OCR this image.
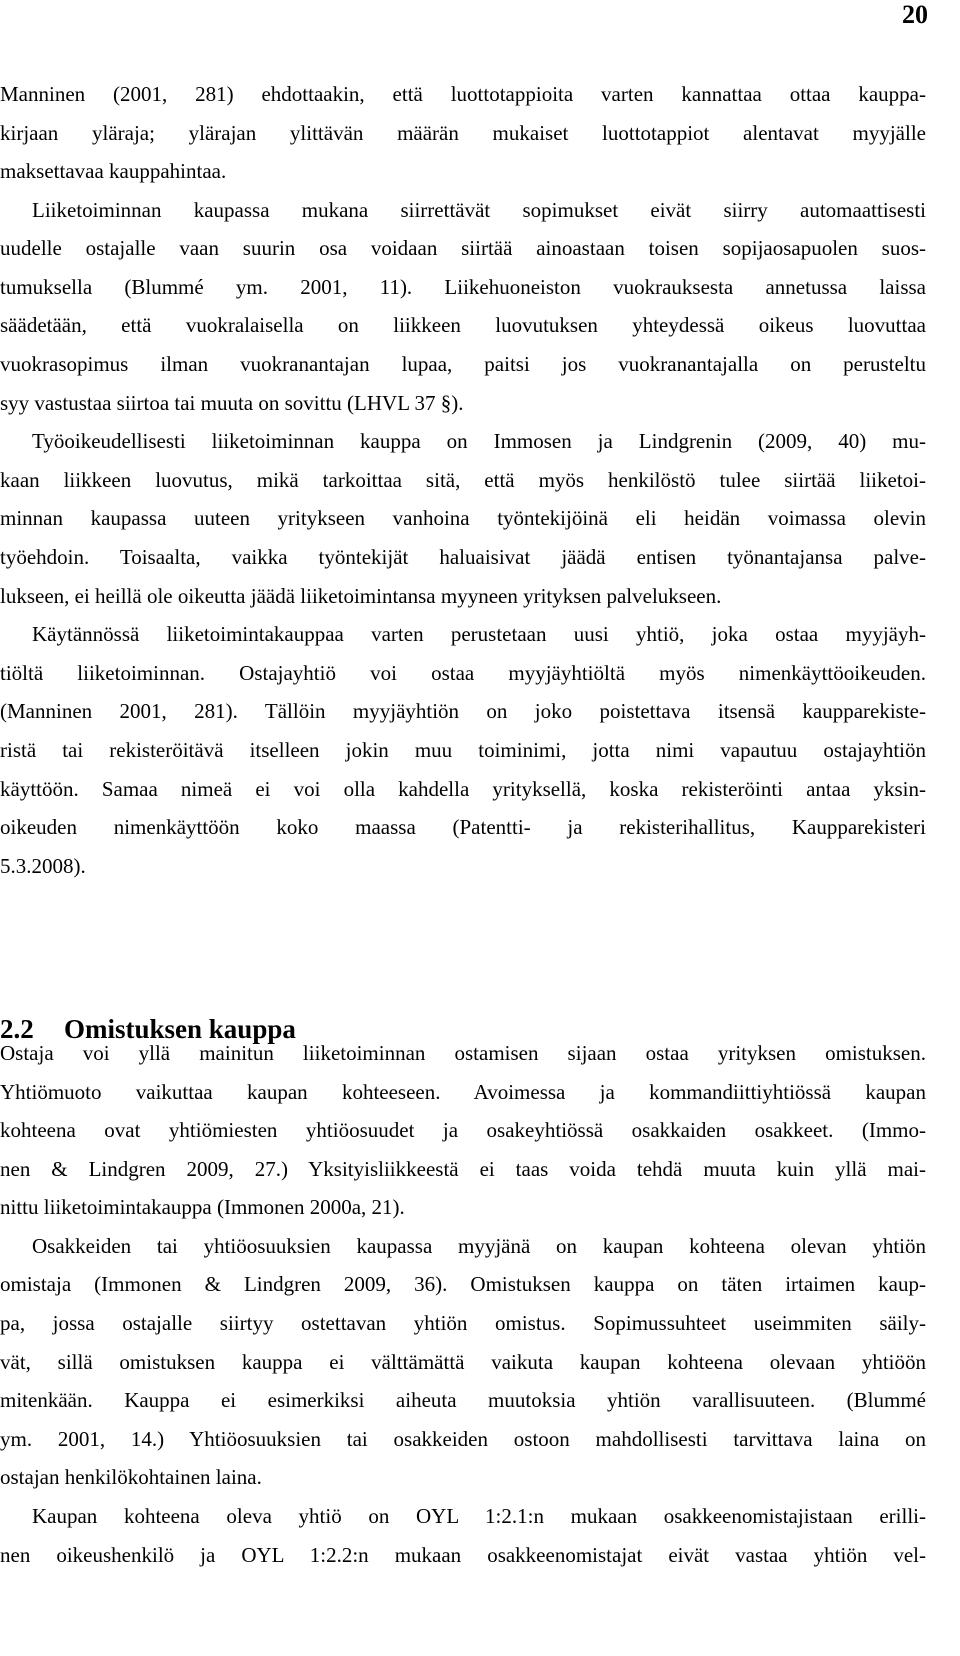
20
Manninen (2001, 281) ehdottaakin, että luottotappioita varten kannattaa ottaa kauppa-
kirjaan yläraja; ylärajan ylittävän määrän mukaiset luottotappiot alentavat myyjälle
maksettavaa kauppahintaa.
Liiketoiminnan kaupassa mukana siirrettävät sopimukset eivät siirry automaattisesti
uudelle ostajalle vaan suurin osa voidaan siirtää ainoastaan toisen sopijaosapuolen suos-
tumuksella (Blummé ym. 2001, 11). Liikehuoneiston vuokrauksesta annetussa laissa
säädetään, että vuokralaisella on liikkeen luovutuksen yhteydessä oikeus luovuttaa
vuokrasopimus ilman vuokranantajan lupaa, paitsi jos vuokranantajalla on perusteltu
syy vastustaa siirtoa tai muuta on sovittu (LHVL 37 §).
Työoikeudellisesti liiketoiminnan kauppa on Immosen ja Lindgrenin (2009, 40) mu-
kaan liikkeen luovutus, mikä tarkoittaa sitä, että myös henkilöstö tulee siirtää liiketoi-
minnan kaupassa uuteen yritykseen vanhoina työntekijöinä eli heidän voimassa olevin
työehdoin. Toisaalta, vaikka työntekijät haluaisivat jäädä entisen työnantajansa palve-
lukseen, ei heillä ole oikeutta jäädä liiketoimintansa myyneen yrityksen palvelukseen.
Käytännössä liiketoimintakauppaa varten perustetaan uusi yhtiö, joka ostaa myyjäyh-
tiöltä liiketoiminnan. Ostajayhtiö voi ostaa myyjäyhtiöltä myös nimenkäyttöoikeuden.
(Manninen 2001, 281). Tällöin myyjäyhtiön on joko poistettava itsensä kaupparekiste-
ristä tai rekisteröitävä itselleen jokin muu toiminimi, jotta nimi vapautuu ostajayhtiön
käyttöön. Samaa nimeä ei voi olla kahdella yrityksellä, koska rekisteröinti antaa yksin-
oikeuden nimenkäyttöön koko maassa (Patentti- ja rekisterihallitus, Kaupparekisteri
5.3.2008).
Ostaja voi yllä mainitun liiketoiminnan ostamisen sijaan ostaa yrityksen omistuksen.
Yhtiömuoto vaikuttaa kaupan kohteeseen. Avoimessa ja kommandiittiyhtiössä kaupan
kohteena ovat yhtiömiesten yhtiöosuudet ja osakeyhtiössä osakkaiden osakkeet. (Immo-
nen & Lindgren 2009, 27.) Yksityisliikkeestä ei taas voida tehdä muuta kuin yllä mai-
nittu liiketoimintakauppa (Immonen 2000a, 21).
Osakkeiden tai yhtiöosuuksien kaupassa myyjänä on kaupan kohteena olevan yhtiön
omistaja (Immonen & Lindgren 2009, 36). Omistuksen kauppa on täten irtaimen kaup-
pa, jossa ostajalle siirtyy ostettavan yhtiön omistus. Sopimussuhteet useimmiten säily-
vät, sillä omistuksen kauppa ei välttämättä vaikuta kaupan kohteena olevaan yhtiöön
mitenkään. Kauppa ei esimerkiksi aiheuta muutoksia yhtiön varallisuuteen. (Blummé
ym. 2001, 14.) Yhtiöosuuksien tai osakkeiden ostoon mahdollisesti tarvittava laina on
ostajan henkilökohtainen laina.
Kaupan kohteena oleva yhtiö on OYL 1:2.1:n mukaan osakkeenomistajistaan erilli-
nen oikeushenkilö ja OYL 1:2.2:n mukaan osakkeenomistajat eivät vastaa yhtiön vel-
2.2 Omistuksen kauppa
